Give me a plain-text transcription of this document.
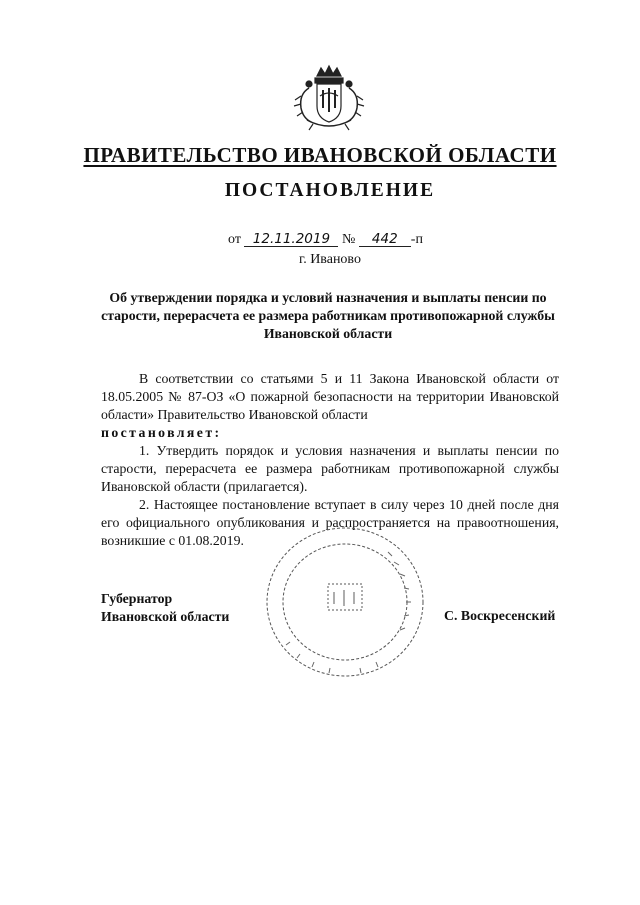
ПРАВИТЕЛЬСТВО ИВАНОВСКОЙ ОБЛАСТИ
ПОСТАНОВЛЕНИЕ
от 12.11.2019 № 442 -п
г. Иваново
Об утверждении порядка и условий назначения и выплаты пенсии по старости, перерасчета ее размера работникам противопожарной службы Ивановской области

В соответствии со статьями 5 и 11 Закона Ивановской области от 18.05.2005 № 87-ОЗ «О пожарной безопасности на территории Ивановской области» Правительство Ивановской области
постановляет:

1. Утвердить порядок и условия назначения и выплаты пенсии по старости, перерасчета ее размера работникам противопожарной службы Ивановской области (прилагается).

2. Настоящее постановление вступает в силу через 10 дней после дня его официального опубликования и распространяется на правоотношения, возникшие с 01.08.2019.

Губернатор
Ивановской области	С. Воскресенский
